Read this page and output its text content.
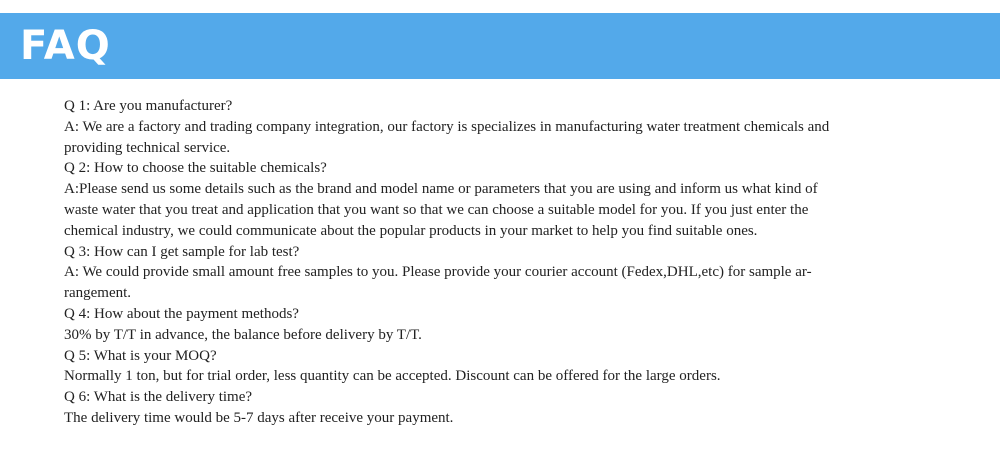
FAQ
Q 1: Are you manufacturer?
A: We are a factory and trading company integration, our factory is specializes in manufacturing water treatment chemicals and
providing technical service.
Q 2: How to choose the suitable chemicals?
A:Please send us some details such as the brand and model name or parameters that you are using and inform us what kind of
waste water that you treat and application that you want so that we can choose a suitable model for you. If you just enter the
chemical industry, we could communicate about the popular products in your market to help you find suitable ones.
Q 3: How can I get sample for lab test?
A: We could provide small amount free samples to you. Please provide your courier account (Fedex,DHL,etc) for sample ar-
rangement.
Q 4: How about the payment methods?
30% by T/T in advance, the balance before delivery by T/T.
Q 5: What is your MOQ?
Normally 1 ton, but for trial order, less quantity can be accepted. Discount can be offered for the large orders.
Q 6: What is the delivery time?
The delivery time would be 5-7 days after receive your payment.
